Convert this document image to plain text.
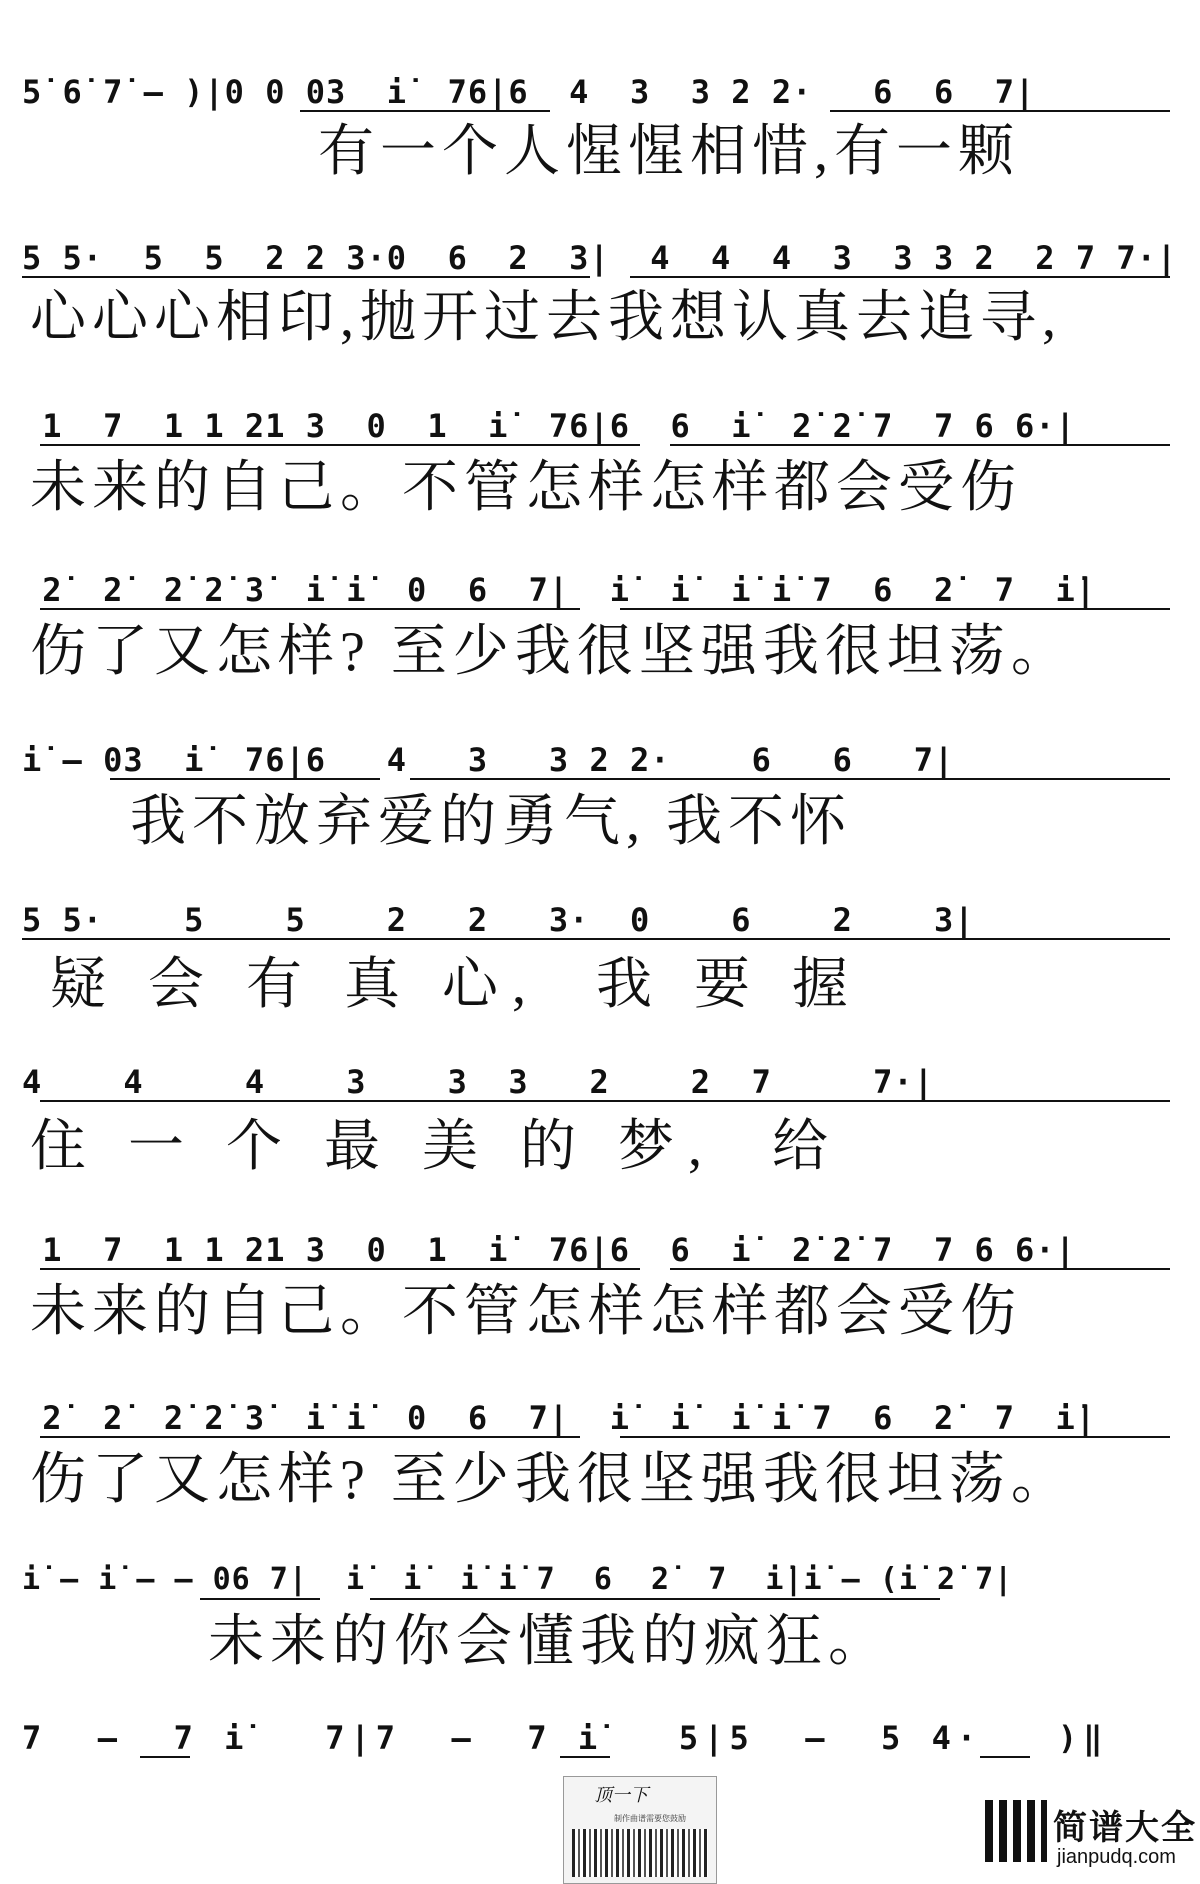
5̇ 6̇ 7̇ – )|0 0 03  i̇  76|6  4  3  3 2 2·   6  6  7|
有一个人惺惺相惜,有一颗
5 5·  5  5  2 2 3·0  6  2  3|  4  4  4  3  3 3 2  2 7 7·|
心心心相印,抛开过去我想认真去追寻,
1  7  1 1 21 3  0  1  i̇  76|6  6  i̇  2̇ 2̇ 7  7 6 6·|
未来的自己。不管怎样怎样都会受伤
2̇  2̇  2̇ 2̇ 3̇  i̇ i̇  0  6  7|  i̇  i̇  i̇ i̇ 7  6  2̇  7  i̇|
伤了又怎样? 至少我很坚强我很坦荡。
i̇ – 03  i̇  76|6   4   3   3 2 2·    6   6   7|
我不放弃爱的勇气, 我不怀
5 5·    5    5    2   2   3·  0    6    2    3|
疑 会 有 真 心,  我 要 握
4    4     4    3    3  3   2    2  7     7·|
住 一 个 最 美 的 梦,  给
1  7  1 1 21 3  0  1  i̇  76|6  6  i̇  2̇ 2̇ 7  7 6 6·|
未来的自己。不管怎样怎样都会受伤
2̇  2̇  2̇ 2̇ 3̇  i̇ i̇  0  6  7|  i̇  i̇  i̇ i̇ 7  6  2̇  7  i̇|
伤了又怎样? 至少我很坚强我很坦荡。
i̇ – i̇ – – 06 7|  i̇  i̇  i̇ i̇ 7  6  2̇  7  i̇|i̇ – (i̇ 2̇ 7|
未来的你会懂我的疯狂。
7  –  7 i̇   7|7  –  7 i̇   5|5  –  5 4·   )‖
顶一下
制作曲谱需要您鼓励	简谱大全
jianpudq.com
